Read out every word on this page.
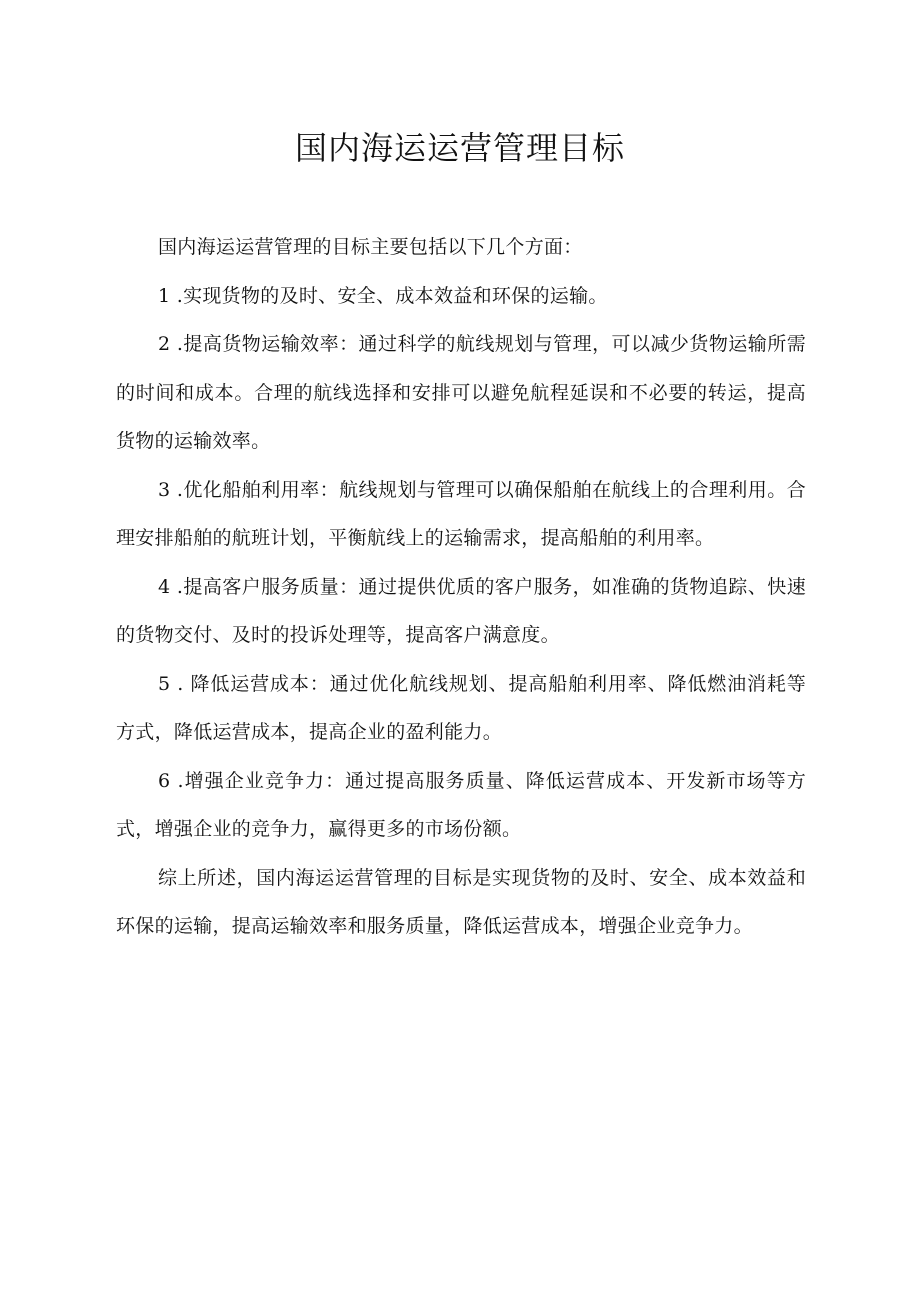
国内海运运营管理目标

国内海运运营管理的目标主要包括以下几个方面：

1 .实现货物的及时、安全、成本效益和环保的运输。

2 .提高货物运输效率：通过科学的航线规划与管理，可以减少货物运输所需的时间和成本。合理的航线选择和安排可以避免航程延误和不必要的转运，提高货物的运输效率。

3 .优化船舶利用率：航线规划与管理可以确保船舶在航线上的合理利用。合理安排船舶的航班计划，平衡航线上的运输需求，提高船舶的利用率。

4 .提高客户服务质量：通过提供优质的客户服务，如准确的货物追踪、快速的货物交付、及时的投诉处理等，提高客户满意度。

5 . 降低运营成本：通过优化航线规划、提高船舶利用率、降低燃油消耗等方式，降低运营成本，提高企业的盈利能力。

6 .增强企业竞争力：通过提高服务质量、降低运营成本、开发新市场等方式，增强企业的竞争力，赢得更多的市场份额。

综上所述，国内海运运营管理的目标是实现货物的及时、安全、成本效益和环保的运输，提高运输效率和服务质量，降低运营成本，增强企业竞争力。
